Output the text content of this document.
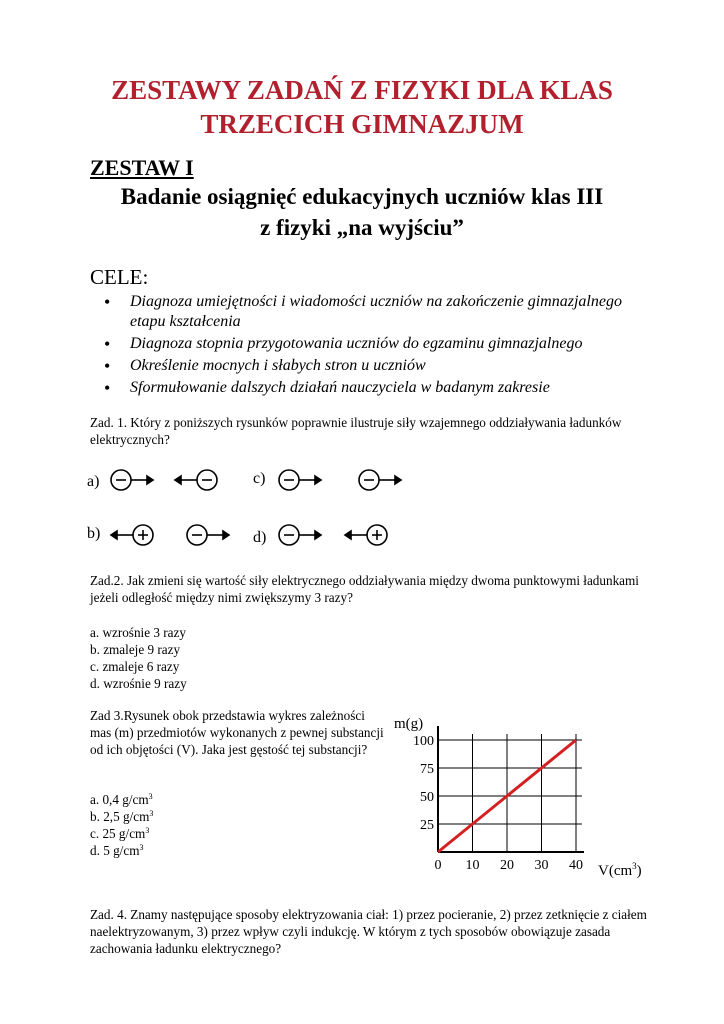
ZESTAWY ZADAŃ Z FIZYKI DLA KLAS
TRZECICH GIMNAZJUM
ZESTAW I
Badanie osiągnięć edukacyjnych uczniów klas III
z fizyki „na wyjściu”
CELE:
• Diagnoza umiejętności i wiadomości uczniów na zakończenie gimnazjalnego etapu kształcenia
• Diagnoza stopnia przygotowania uczniów do egzaminu gimnazjalnego
• Określenie mocnych i słabych stron u uczniów
• Sformułowanie dalszych działań nauczyciela w badanym zakresie
Zad. 1. Który z poniższych rysunków poprawnie ilustruje siły wzajemnego oddziaływania ładunków elektrycznych?
a)	c)
b)	d)
Zad.2. Jak zmieni się wartość siły elektrycznego oddziaływania między dwoma punktowymi ładunkami jeżeli odległość między nimi zwiększymy 3 razy?
a. wzrośnie 3 razy
b. zmaleje 9 razy
c. zmaleje 6 razy
d. wzrośnie 9 razy
Zad 3.Rysunek obok przedstawia wykres zależności mas (m) przedmiotów wykonanych z pewnej substancji od ich objętości (V). Jaka jest gęstość tej substancji?
a. 0,4 $g/cm^3$
b. 2,5 $g/cm^3$
c. 25 $g/cm^3$
d. 5 $g/cm^3$
0 10 20 30 40
25
50
75
100
m(g)
$V(cm^3)$
Zad. 4. Znamy następujące sposoby elektryzowania ciał: 1) przez pocieranie, 2) przez zetknięcie z ciałem naelektryzowanym, 3) przez wpływ czyli indukcję. W którym z tych sposobów obowiązuje zasada zachowania ładunku elektrycznego?
